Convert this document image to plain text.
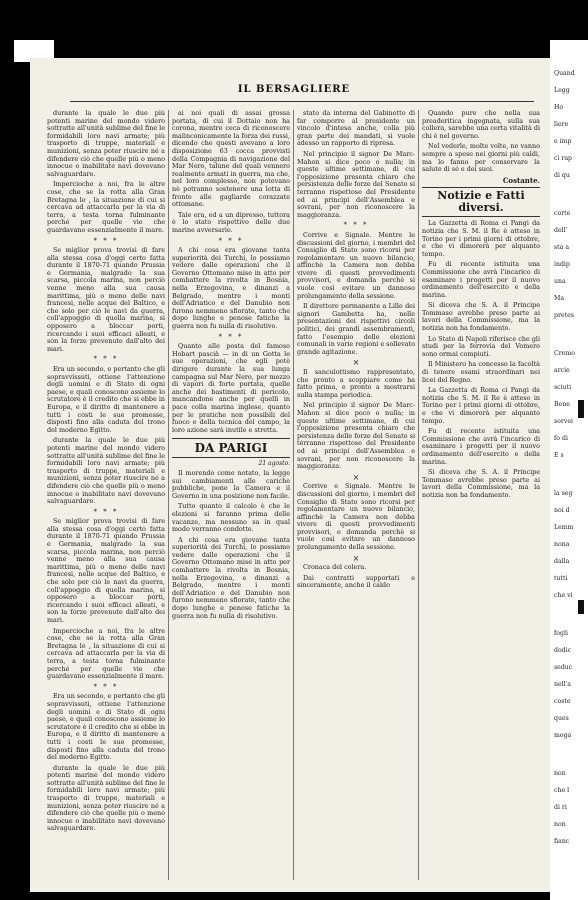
IL BERSAGLIERE

durante la quale le due più potenti marine del mondo videro sottratte all'unità sublime del fine le formidabili loro navi armate; più trasporto di truppe, materiali e munizioni, senza poter riuscire né a difendere ciò che quelle più o meno innocue o inabilitate navi dovevano salvaguardare.

Impercioche a noi, fra le altre cose, che se la rotta alla Gran Bretagna le , la situazione di cui si cercava ad attaccarla per la via di terra, a testa torna fulminante perché per quelle vie che guardavano essenzialmente il mare.

* * *

Se miglior prova trovisi di fare alla stessa cosa d'oggi certo fatta durante il 1870-71 quando Prussia e Germania, malgrado la sua scarsa, piccola marina, non perciò venne meno alla sua causa marittima, più o meno delle navi francesi, nelle acque del Baltico, e che solo per ciò le navi da guerra, coll'appoggio di quella marina, si opposero a bloccar porti, ricercando i suoi efficaci alleati, e son la forze prevenute dall'alto dei mari.

* * *

Era un secondo, e pertanto che gli sopravvissuti, ottiene l'attenzione degli uomini e di Stato di ogni paese, e quali conoscono assieme lo scrutatore è il credito che si ebbe in Europa, e il diritto di mantenere a tutti i costi le sue promesse, disposti fino alla caduta del trono del moderno Egitto.

durante la quale le due più potenti marine del mondo videro sottratte all'unità sublime del fine le formidabili loro navi armate; più trasporto di truppe, materiali e munizioni, senza poter riuscire né a difendere ciò che quelle più o meno innocue o inabilitate navi dovevano salvaguardare.

* * *

Se miglior prova trovisi di fare alla stessa cosa d'oggi certo fatta durante il 1870-71 quando Prussia e Germania, malgrado la sua scarsa, piccola marina, non perciò venne meno alla sua causa marittima, più o meno delle navi francesi, nelle acque del Baltico, e che solo per ciò le navi da guerra, coll'appoggio di quella marina, si opposero a bloccar porti, ricercando i suoi efficaci alleati, e son la forze prevenute dall'alto dei mari.

Impercioche a noi, fra le altre cose, che se la rotta alla Gran Bretagna le , la situazione di cui si cercava ad attaccarla per la via di terra, a testa torna fulminante perché per quelle vie che guardavano essenzialmente il mare.

* * *

Era un secondo, e pertanto che gli sopravvissuti, ottiene l'attenzione degli uomini e di Stato di ogni paese, e quali conoscono assieme lo scrutatore è il credito che si ebbe in Europa, e il diritto di mantenere a tutti i costi le sue promesse, disposti fino alla caduta del trono del moderno Egitto.

durante la quale le due più potenti marine del mondo videro sottratte all'unità sublime del fine le formidabili loro navi armate; più trasporto di truppe, materiali e munizioni, senza poter riuscire né a difendere ciò che quelle più o meno innocue o inabilitate navi dovevano salvaguardare.

ai noi quali di assai grossa portata, di cui il Dottaio non ha corona, mentre ceca di riconoscere malinconicamente la forza dei russi, dicendo che questi avevano a loro disposizione 63 cocca provvisti della Compagnia di navigazione del Mar Nero, talune del quali vennero realmente armati in guerra, ma che, nel loro complesso, non potevano nè potranno sostenere una lotta di fronte alle gagliarde corazzate ottomane.

Tale era, ed a un dipresso, tuttora è lo stato rispettivo delle due marine avversarie.

* * *

A chi cosa era giovane tanta superiorità dei Turchi, lo possiamo vedere dalle operazioni che il Governo Ottomano mise in atto per combattere la rivolta in Bosnia, nella Erzegovina, e dinanzi a Belgrado, mentre i monti dell'Adriatico e del Danubio non furono nemmeno sfiorate, tanto che dopo lunghe e penose fatiche la guerra non fu nulla di risolutivo.

* * *

Quanto alle posta del famoso Hobart pascià — in di un Gotta le sue operazioni, che egli potè dirigere durante la sua lunga campagna sul Mar Nero, per mezzo di vapori di forte portata, quelle anche dei bastimenti di pericolo, mancandone anche per quelli in pace colla marina inglese, quanto per le pratiche non possibili del fuoco e della tecnica del campo, la loro azione sarà inutile e stretta.

DA PARIGI
21 agosto.

Il morendo come notato, la legge sui cambiamenti alle cariche pubbliche, pone la Camera e il Governo in una posizione non facile.

Tutto quanto il calcolo è che le elezioni si faranno prima delle vacanze, ma nessuno sa in qual modo verranno condotte.

A chi cosa era giovane tanta superiorità dei Turchi, lo possiamo vedere dalle operazioni che il Governo Ottomano mise in atto per combattere la rivolta in Bosnia, nella Erzegovina, e dinanzi a Belgrado, mentre i monti dell'Adriatico e del Danubio non furono nemmeno sfiorate, tanto che dopo lunghe e penose fatiche la guerra non fu nulla di risolutivo.

stato da interna del Gabinetto di far comporre al presidente un vincolo d'intesa anche, colla più gran parte dei mandati, si vuole adesso un rapporto di ripresa.

Nel principio il signor De Marc-Mahon si dice poco o nulla; in queste ultime settimane, di cui l'opposizione presenta chiaro che persistenza delle forze del Senato si terranno rispettose del Presidente ed ai principi dell'Assemblea e sovrani, per non riconoscere la maggioranza.

* * *

Corrive e Signale. Mentre le discussioni del giorno, i membri del Consiglio di Stato sono ricorsi per regolamentare un nuovo bilancio, affinchè la Camera non debba vivere di questi provvedimenti provvisori, e domanda perchè si vuole così evitare un dannoso prolungamento della sessione.

Il direttore permanente a Lille dei signori Gambetta ha, nelle presentazioni dei rispettivi circoli politici, dei grandi assembramenti, fatto l'esempio delle elezioni comunali in varie regioni e sollevato grande agitazione.

×

Il sanculottismo rappresentato, che pronto a scoppiare come ha fatto prima, e pronto a mostrarsi sulla stampa periodica.

Nel principio il signor De Marc-Mahon si dice poco o nulla; in queste ultime settimane, di cui l'opposizione presenta chiaro che persistenza delle forze del Senato si terranno rispettose del Presidente ed ai principi dell'Assemblea e sovrani, per non riconoscere la maggioranza.

×

Corrive e Signale. Mentre le discussioni del giorno, i membri del Consiglio di Stato sono ricorsi per regolamentare un nuovo bilancio, affinchè la Camera non debba vivere di questi provvedimenti provvisori, e domanda perchè si vuole così evitare un dannoso prolungamento della sessione.

×

Cronaca del colera.

Dai contratti supportati e sinceramente, anche il caldo

Quando pure che nella sua preaderitica ingegnata, sulla sua collera, sarebbe una certa vitalità di chi è nel governo.

Nel vederle, molte volte, ne vanno sempre a spese nei giorni più caldi, ma lo fanno per conservare la salute di sé e dei suoi.

Costante.
Notizie e Fatti diversi.

La Gazzetta di Roma ci Pangi da notizia che S. M. il Re è atteso in Torino per i primi giorni di ottobre, e che vi dimorerà per alquanto tempo.

Fu di recente istituita una Commissione che avrà l'incarico di esaminare i progetti per il nuovo ordinamento dell'esercito e della marina.

Si diceva che S. A. il Principe Tommaso avrebbe preso parte ai lavori della Commissione, ma la notizia non ha fondamento.

Lo Stato di Napoli riferisce che gli studi per la ferrovia del Vomero sono ormai compiuti.

Il Ministero ha concesso la facoltà di tenere esami straordinari nei licei del Regno.

La Gazzetta di Roma ci Pangi da notizia che S. M. il Re è atteso in Torino per i primi giorni di ottobre, e che vi dimorerà per alquanto tempo.

Fu di recente istituita una Commissione che avrà l'incarico di esaminare i progetti per il nuovo ordinamento dell'esercito e della marina.

Si diceva che S. A. il Principe Tommaso avrebbe preso parte ai lavori della Commissione, ma la notizia non ha fondamento.

Quand
Legg
Ho
liere
e imp
ci rap
di qu
corte
dell'
sta a
indip
una
Ma
pretes
Cremo
arcie
sciuti
Bene
sorvei
fo di
E s
la seg
noi d
Lemm
nona
dalla
tutti
che vi
fogli
dodic
seduc
nell'a
coste
ques
moga
non
che l
di ri
non
fianc
